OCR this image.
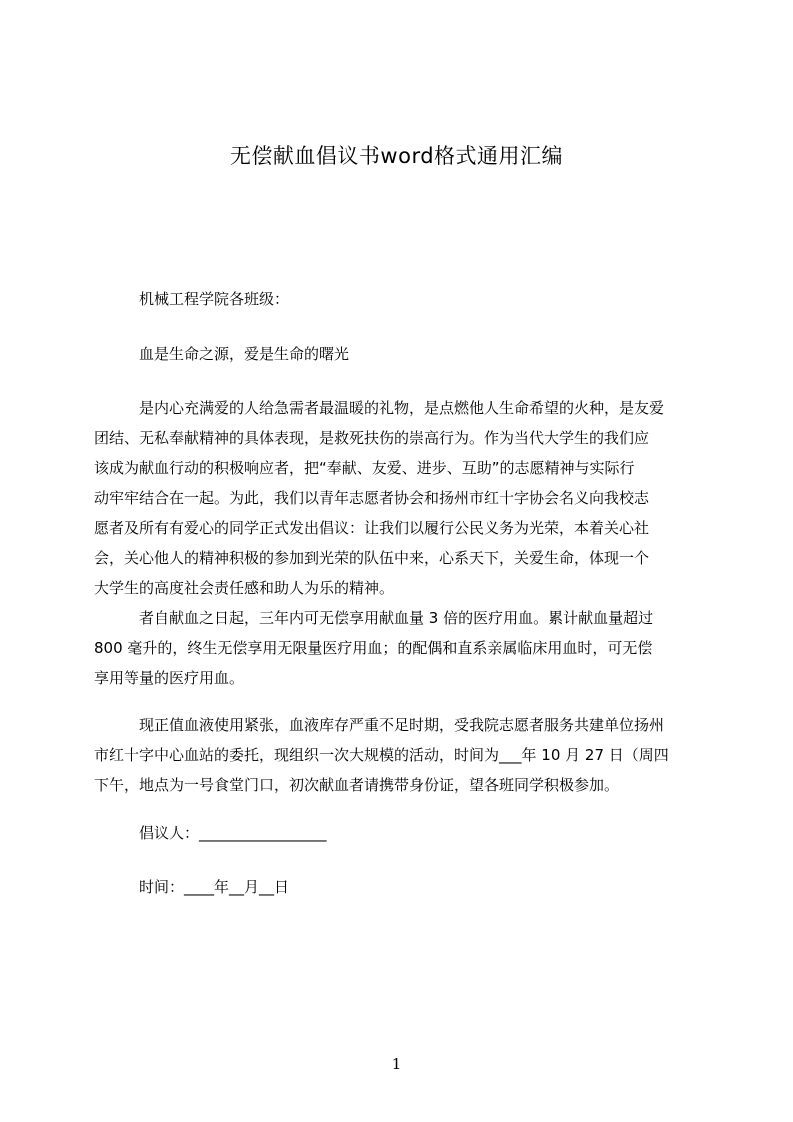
无偿献血倡议书word格式通用汇编
机械工程学院各班级：
血是生命之源，爱是生命的曙光
是内心充满爱的人给急需者最温暖的礼物，是点燃他人生命希望的火种，是友爱
团结、无私奉献精神的具体表现，是救死扶伤的崇高行为。作为当代大学生的我们应
该成为献血行动的积极响应者，把“奉献、友爱、进步、互助”的志愿精神与实际行
动牢牢结合在一起。为此，我们以青年志愿者协会和扬州市红十字协会名义向我校志
愿者及所有有爱心的同学正式发出倡议：让我们以履行公民义务为光荣，本着关心社
会，关心他人的精神积极的参加到光荣的队伍中来，心系天下，关爱生命，体现一个
大学生的高度社会责任感和助人为乐的精神。
者自献血之日起，三年内可无偿享用献血量 3 倍的医疗用血。累计献血量超过
800 毫升的，终生无偿享用无限量医疗用血；的配偶和直系亲属临床用血时，可无偿
享用等量的医疗用血。
现正值血液使用紧张，血液库存严重不足时期，受我院志愿者服务共建单位扬州
市红十字中心血站的委托，现组织一次大规模的活动，时间为___年 10 月 27 日（周四
下午，地点为一号食堂门口，初次献血者请携带身份证，望各班同学积极参加。
倡议人：_________________
时间：____年__月__日
1
